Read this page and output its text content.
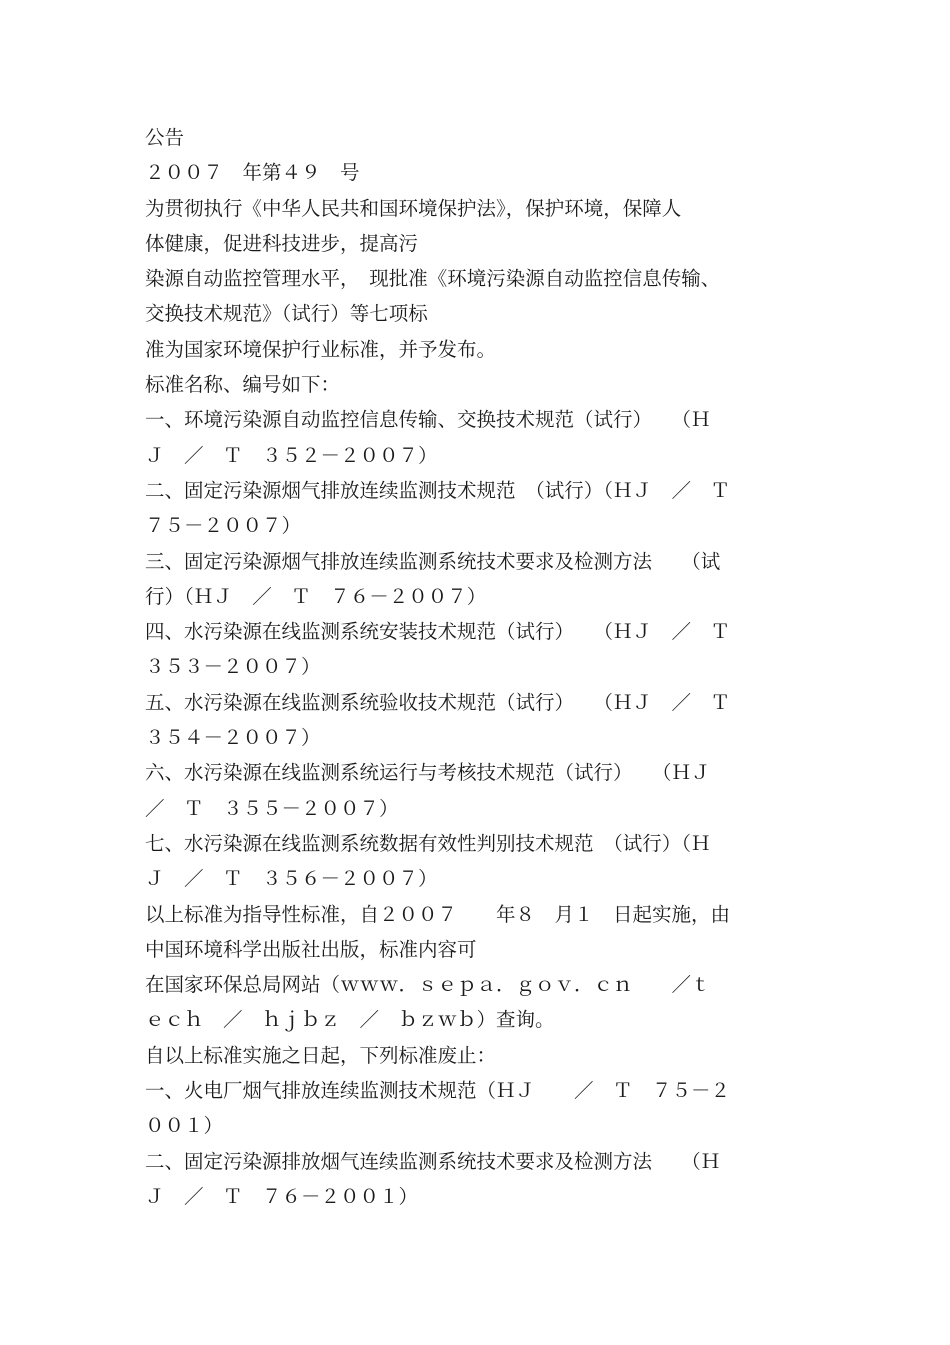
公告
２００７　年第４９　号
为贯彻执行《中华人民共和国环境保护法》，保护环境，保障人
体健康，促进科技进步，提高污
染源自动监控管理水平，　现批准《环境污染源自动监控信息传输、
交换技术规范》（试行）等七项标
准为国家环境保护行业标准，并予发布。
标准名称、编号如下：
一、环境污染源自动监控信息传输、交换技术规范（试行）　　（Ｈ
Ｊ　／　Ｔ　３５２－２００７）
二、固定污染源烟气排放连续监测技术规范　（试行）（ＨＪ　／　Ｔ
７５－２００７）
三、固定污染源烟气排放连续监测系统技术要求及检测方法　　（试
行）（ＨＪ　／　Ｔ　７６－２００７）
四、水污染源在线监测系统安装技术规范（试行）　　（ＨＪ　／　Ｔ
３５３－２００７）
五、水污染源在线监测系统验收技术规范（试行）　　（ＨＪ　／　Ｔ
３５４－２００７）
六、水污染源在线监测系统运行与考核技术规范（试行）　　（ＨＪ
／　Ｔ　３５５－２００７）
七、水污染源在线监测系统数据有效性判别技术规范　（试行）（Ｈ
Ｊ　／　Ｔ　３５６－２００７）
以上标准为指导性标准，自２００７　　年８　月１　日起实施，由
中国环境科学出版社出版，标准内容可
在国家环保总局网站（ｗｗｗ．ｓｅｐａ．ｇｏｖ．ｃｎ　　／ｔ
ｅｃｈ　／　ｈｊｂｚ　／　ｂｚｗｂ）查询。
自以上标准实施之日起，下列标准废止：
一、火电厂烟气排放连续监测技术规范（ＨＪ　　／　Ｔ　７５－２
００１）
二、固定污染源排放烟气连续监测系统技术要求及检测方法　　（Ｈ
Ｊ　／　Ｔ　７６－２００１）
